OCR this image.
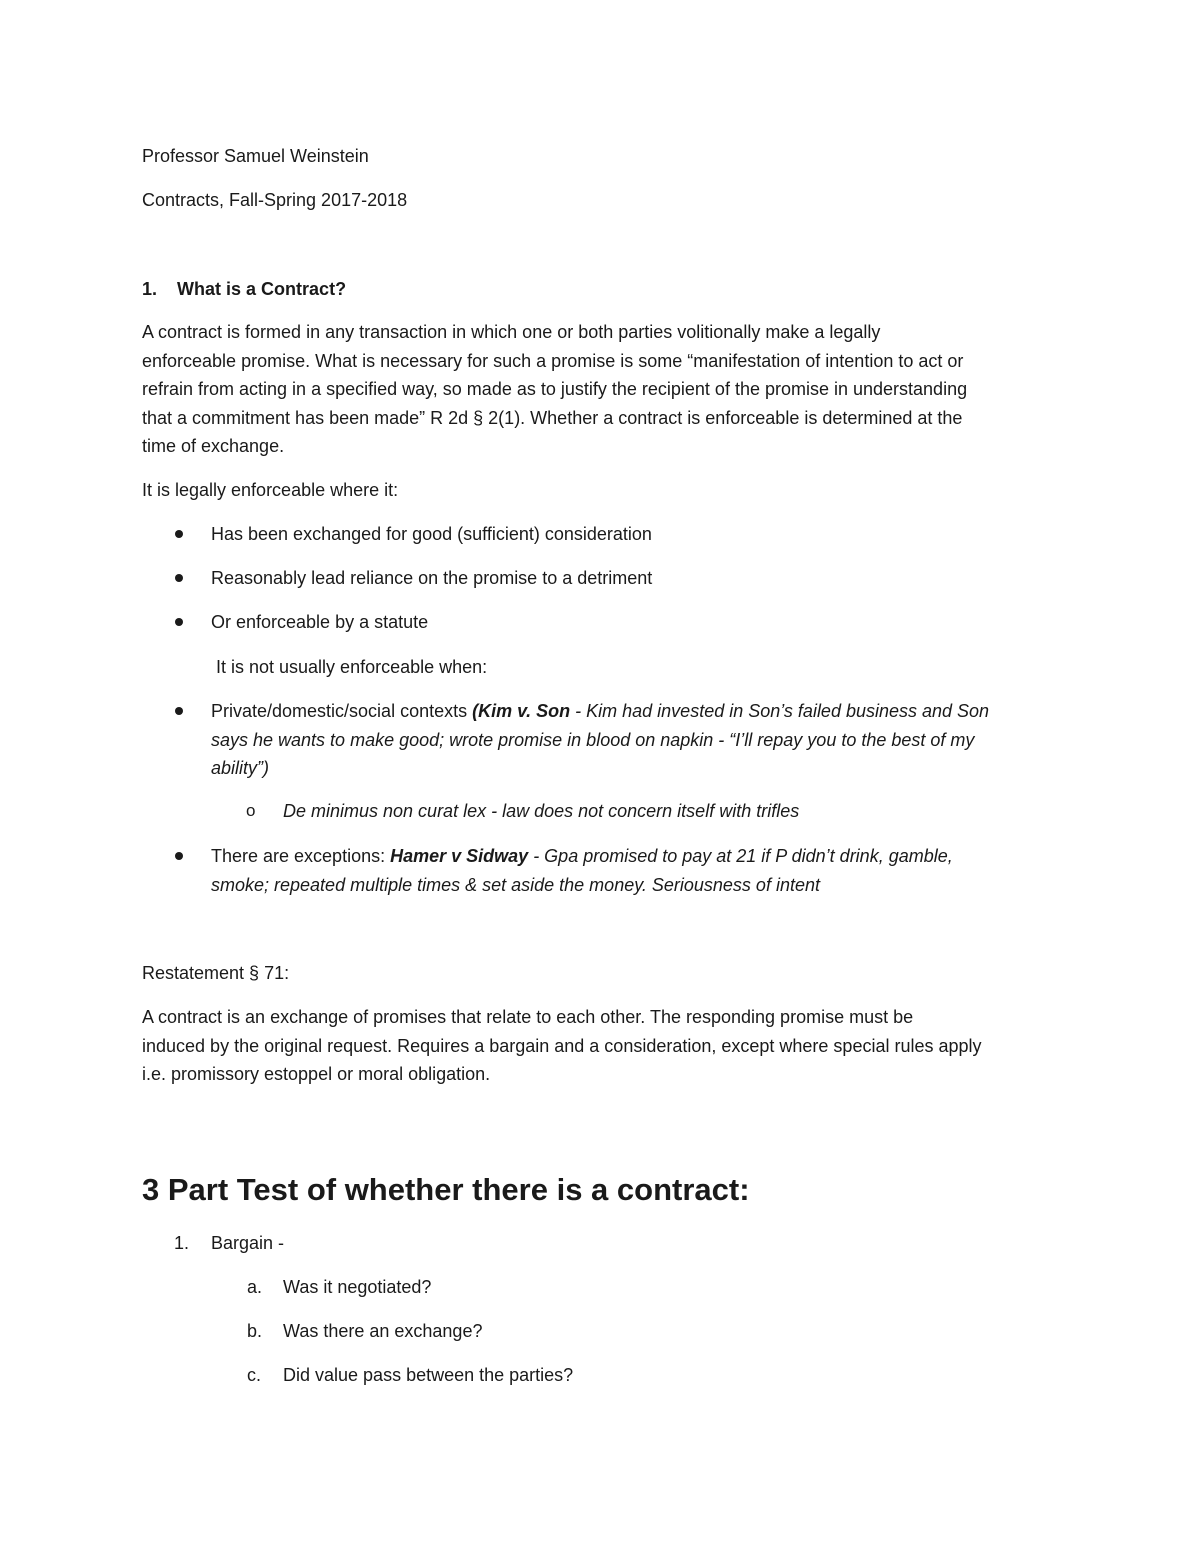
Professor Samuel Weinstein
Contracts, Fall-Spring 2017-2018
1. What is a Contract?
A contract is formed in any transaction in which one or both parties volitionally make a legally
enforceable promise. What is necessary for such a promise is some “manifestation of intention to act or
refrain from acting in a specified way, so made as to justify the recipient of the promise in understanding
that a commitment has been made” R 2d § 2(1). Whether a contract is enforceable is determined at the
time of exchange.
It is legally enforceable where it:
Has been exchanged for good (sufficient) consideration
Reasonably lead reliance on the promise to a detriment
Or enforceable by a statute
It is not usually enforceable when:
Private/domestic/social contexts (Kim v. Son - Kim had invested in Son’s failed business and Son
says he wants to make good; wrote promise in blood on napkin - “I’ll repay you to the best of my
ability”)
o De minimus non curat lex - law does not concern itself with trifles
There are exceptions: Hamer v Sidway - Gpa promised to pay at 21 if P didn’t drink, gamble,
smoke; repeated multiple times & set aside the money. Seriousness of intent
Restatement § 71:
A contract is an exchange of promises that relate to each other. The responding promise must be
induced by the original request. Requires a bargain and a consideration, except where special rules apply
i.e. promissory estoppel or moral obligation.
3 Part Test of whether there is a contract:
1. Bargain -
a. Was it negotiated?
b. Was there an exchange?
c. Did value pass between the parties?
